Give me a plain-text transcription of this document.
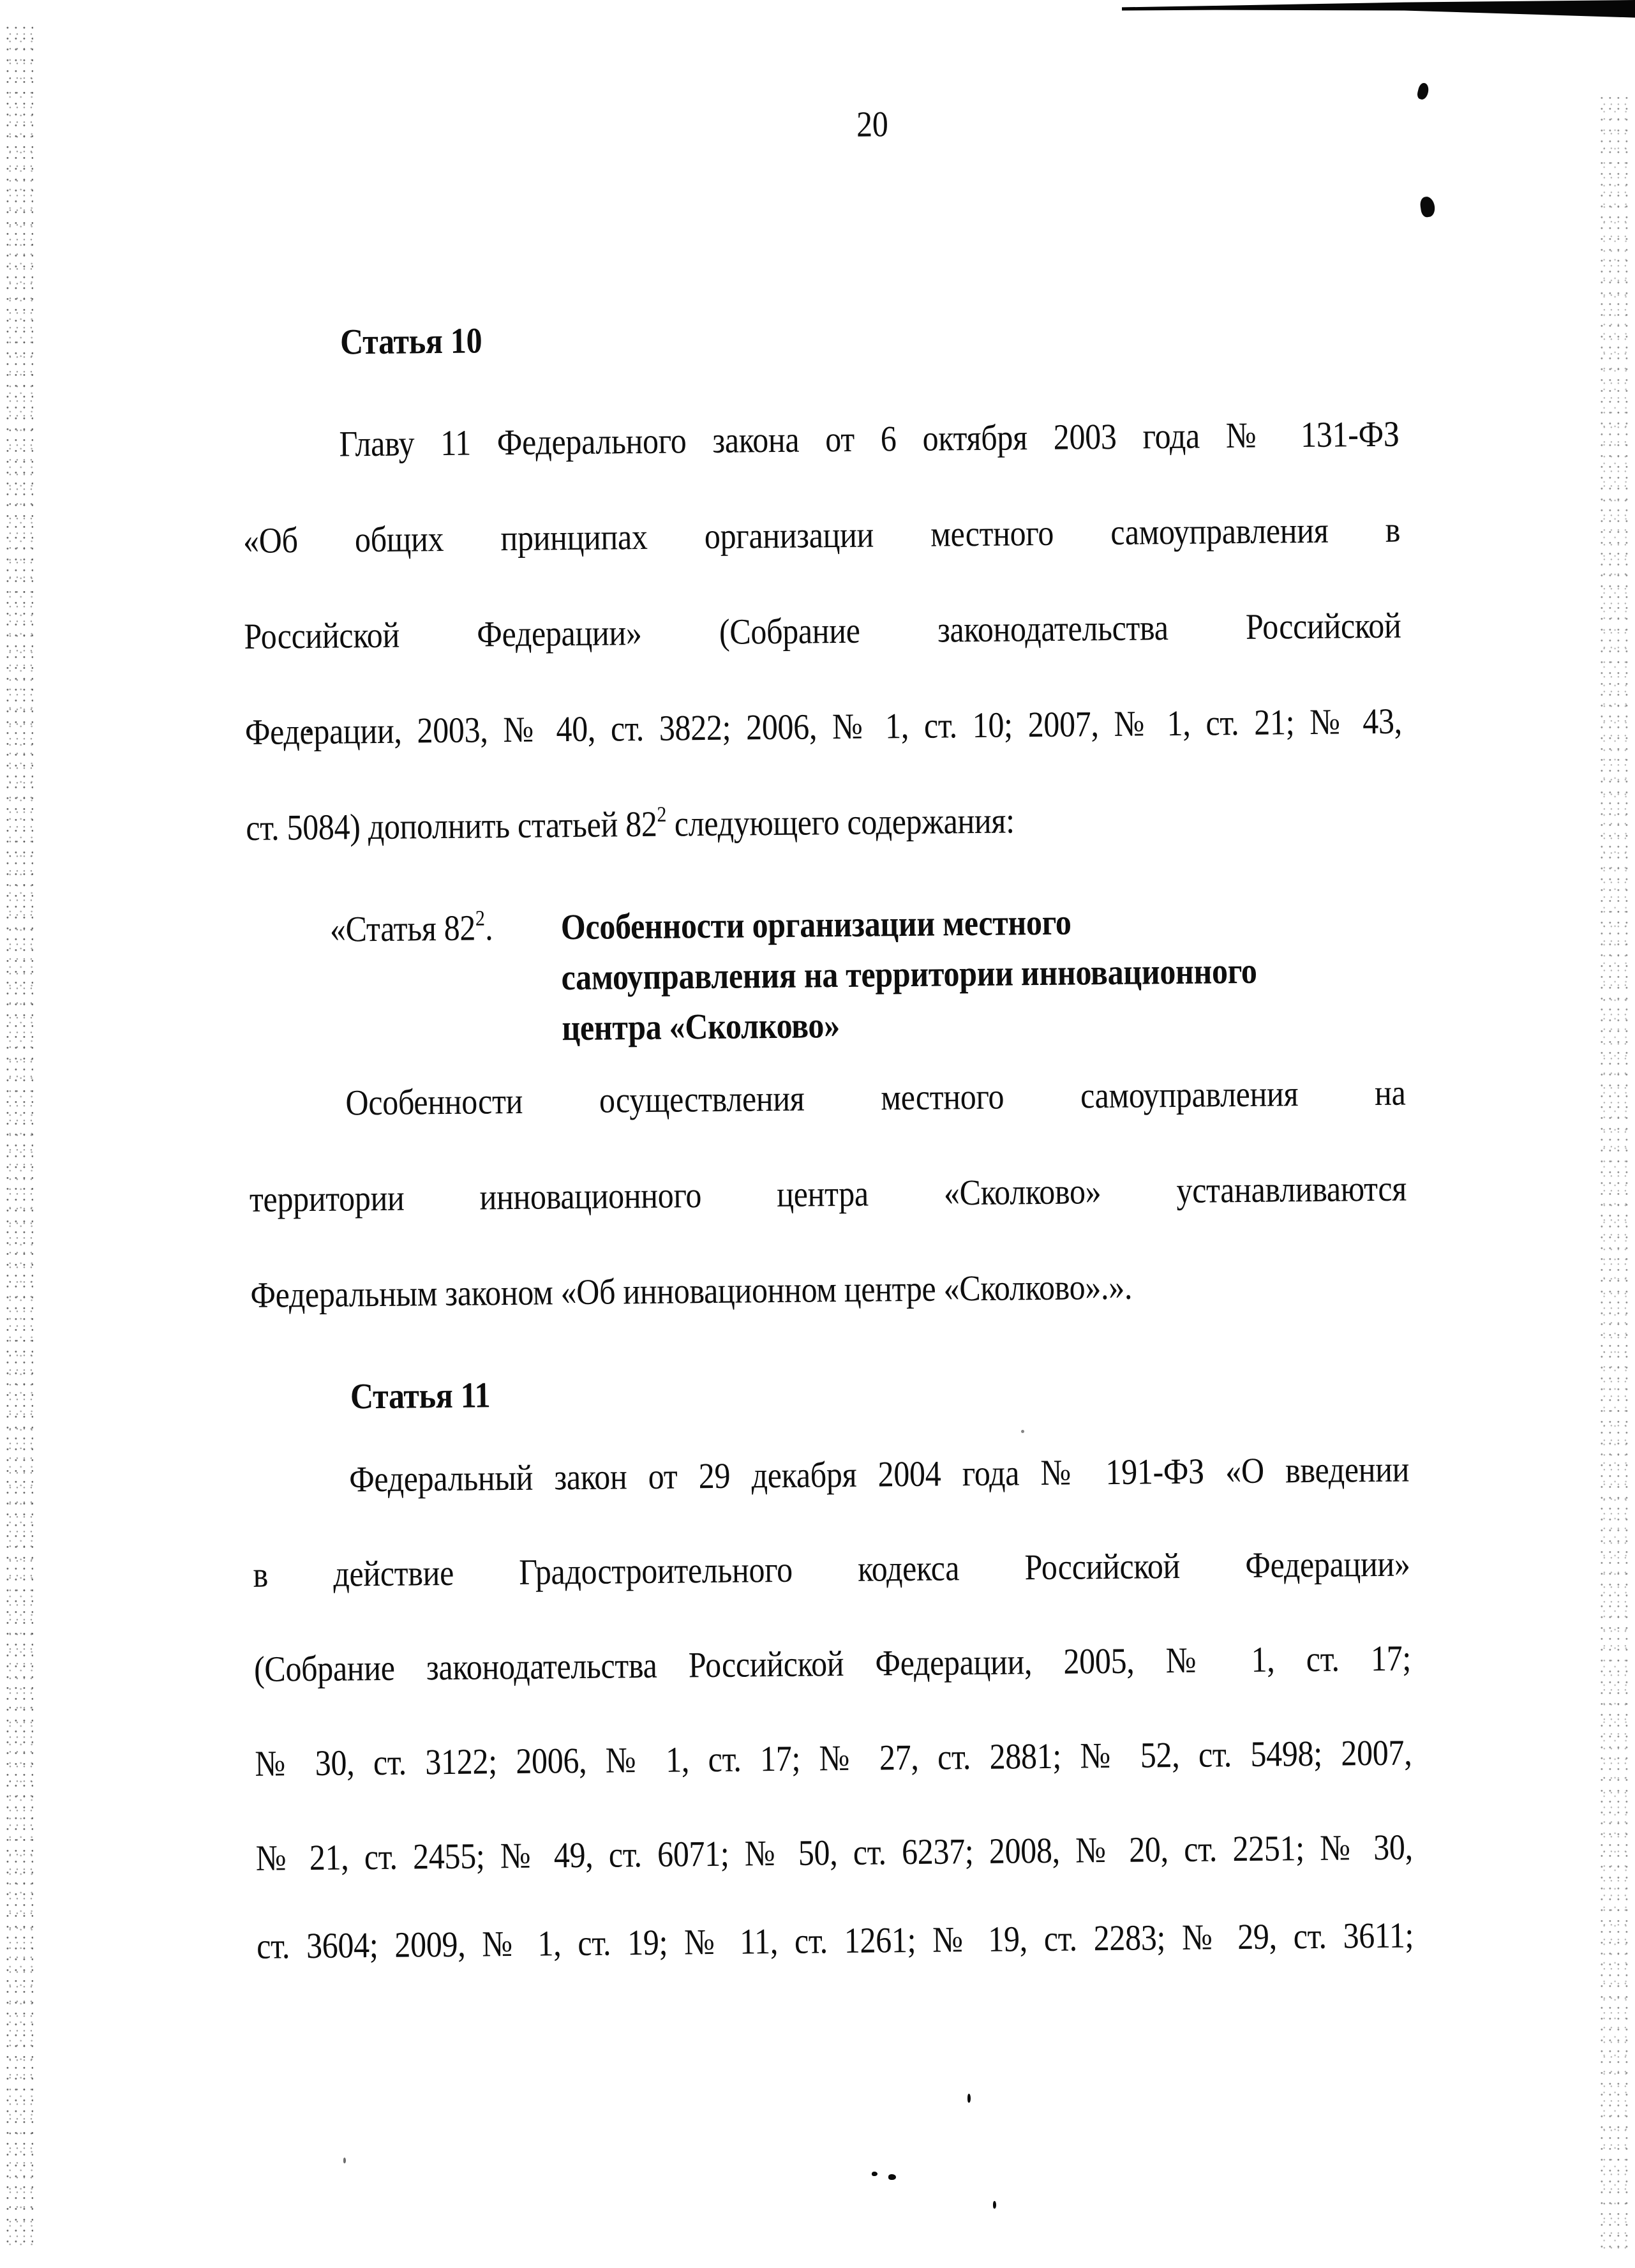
20
Статья 10
Главу 11 Федерального закона от 6 октября 2003 года № 131-ФЗ
«Об общих принципах организации местного самоуправления в
Российской Федерации» (Собрание законодательства Российской
Федерации, 2003, № 40, ст. 3822; 2006, № 1, ст. 10; 2007, № 1, ст. 21; № 43,
ст. 5084) дополнить статьей $82^2$ следующего содержания:
«Статья $82^2$. Особенности организации местного
самоуправления на территории инновационного
центра «Сколково»
Особенности осуществления местного самоуправления на
территории инновационного центра «Сколково» устанавливаются
Федеральным законом «Об инновационном центре «Сколково».».
Статья 11
Федеральный закон от 29 декабря 2004 года № 191-ФЗ «О введении
в действие Градостроительного кодекса Российской Федерации»
(Собрание законодательства Российской Федерации, 2005, № 1, ст. 17;
№ 30, ст. 3122; 2006, № 1, ст. 17; № 27, ст. 2881; № 52, ст. 5498; 2007,
№ 21, ст. 2455; № 49, ст. 6071; № 50, ст. 6237; 2008, № 20, ст. 2251; № 30,
ст. 3604; 2009, № 1, ст. 19; № 11, ст. 1261; № 19, ст. 2283; № 29, ст. 3611;
